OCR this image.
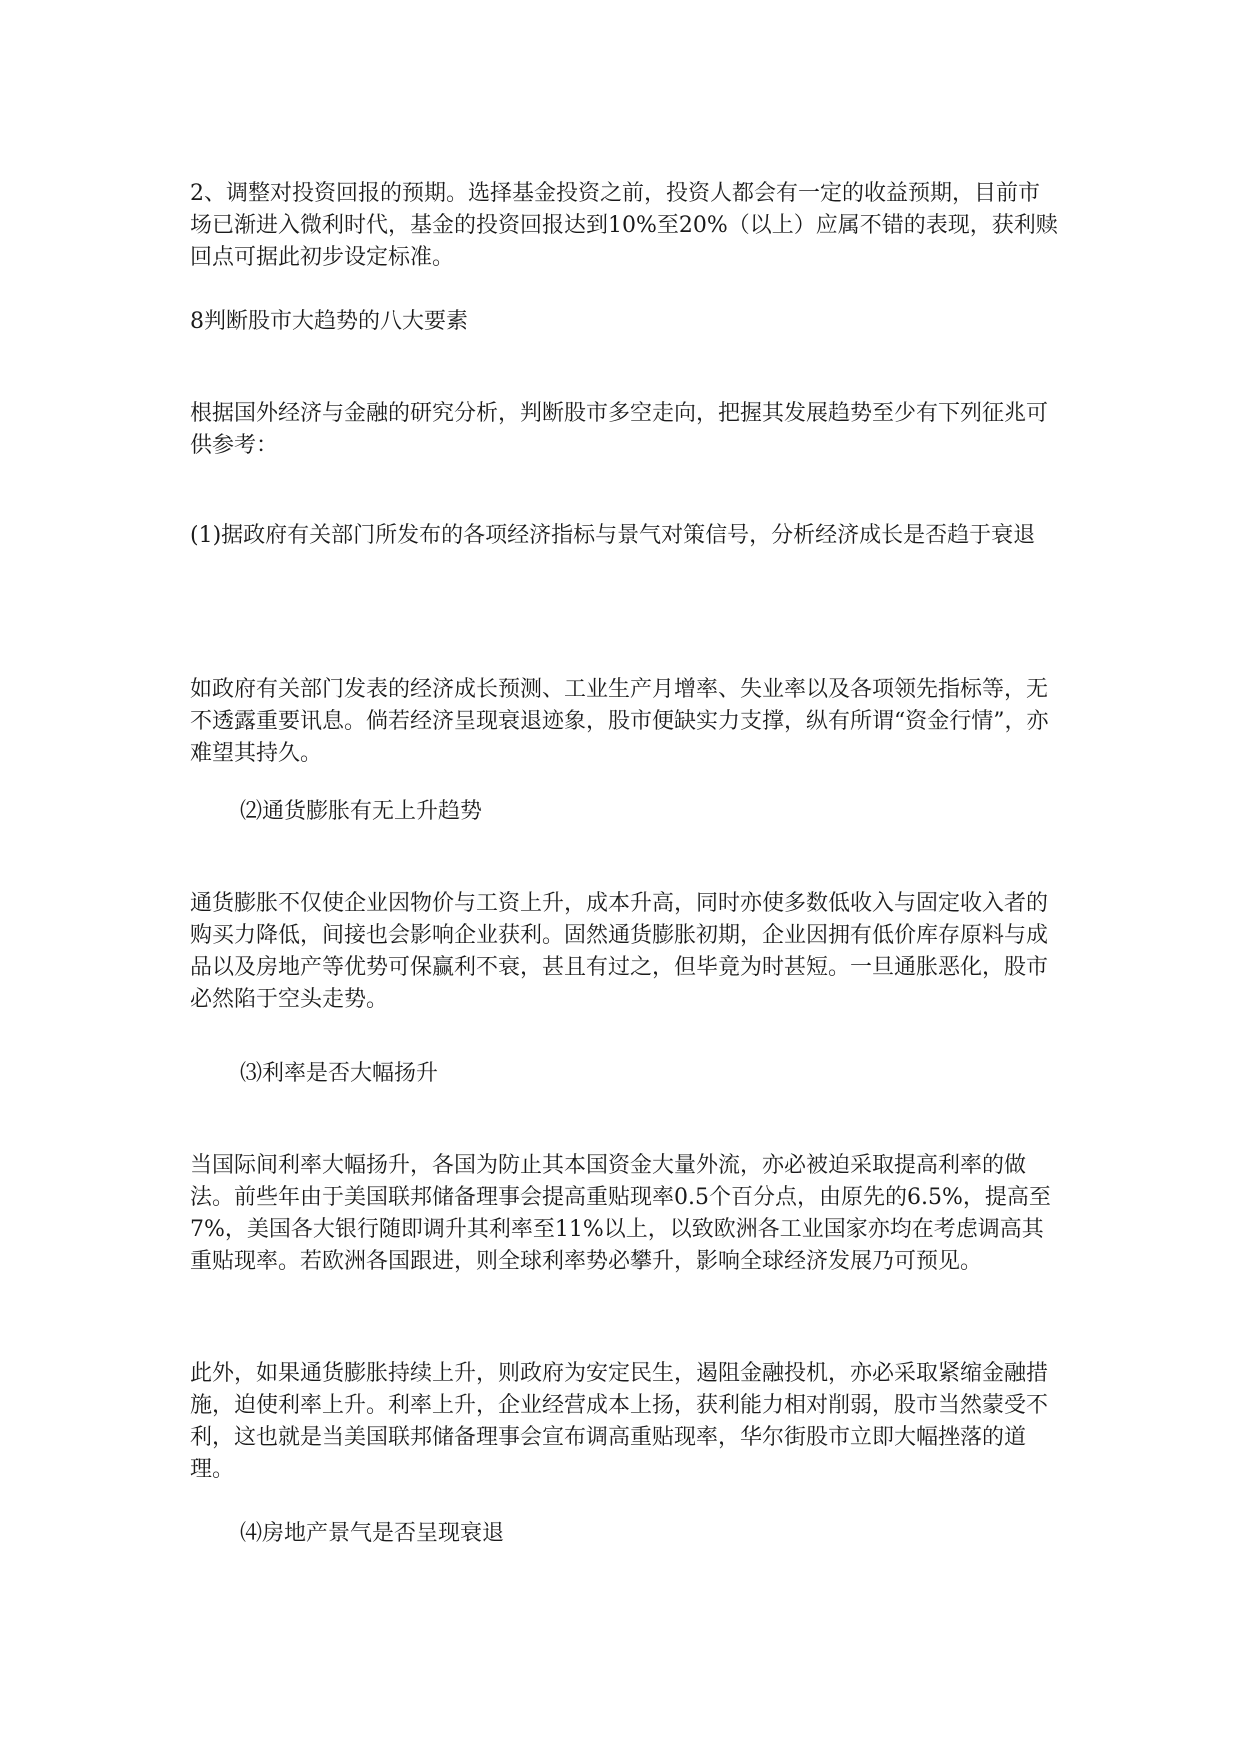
2、调整对投资回报的预期。选择基金投资之前，投资人都会有一定的收益预期，目前市场已渐进入微利时代，基金的投资回报达到10%至20%（以上）应属不错的表现，获利赎回点可据此初步设定标准。

8判断股市大趋势的八大要素

根据国外经济与金融的研究分析，判断股市多空走向，把握其发展趋势至少有下列征兆可供参考：

(1)据政府有关部门所发布的各项经济指标与景气对策信号，分析经济成长是否趋于衰退

如政府有关部门发表的经济成长预测、工业生产月增率、失业率以及各项领先指标等，无不透露重要讯息。倘若经济呈现衰退迹象，股市便缺实力支撑，纵有所谓“资金行情”，亦难望其持久。

⑵通货膨胀有无上升趋势

通货膨胀不仅使企业因物价与工资上升，成本升高，同时亦使多数低收入与固定收入者的购买力降低，间接也会影响企业获利。固然通货膨胀初期，企业因拥有低价库存原料与成品以及房地产等优势可保赢利不衰，甚且有过之，但毕竟为时甚短。一旦通胀恶化，股市必然陷于空头走势。

⑶利率是否大幅扬升

当国际间利率大幅扬升，各国为防止其本国资金大量外流，亦必被迫采取提高利率的做法。前些年由于美国联邦储备理事会提高重贴现率0.5个百分点，由原先的6.5%，提高至7%，美国各大银行随即调升其利率至11%以上，以致欧洲各工业国家亦均在考虑调高其重贴现率。若欧洲各国跟进，则全球利率势必攀升，影响全球经济发展乃可预见。

此外，如果通货膨胀持续上升，则政府为安定民生，遏阻金融投机，亦必采取紧缩金融措施，迫使利率上升。利率上升，企业经营成本上扬，获利能力相对削弱，股市当然蒙受不利，这也就是当美国联邦储备理事会宣布调高重贴现率，华尔街股市立即大幅挫落的道理。

⑷房地产景气是否呈现衰退
